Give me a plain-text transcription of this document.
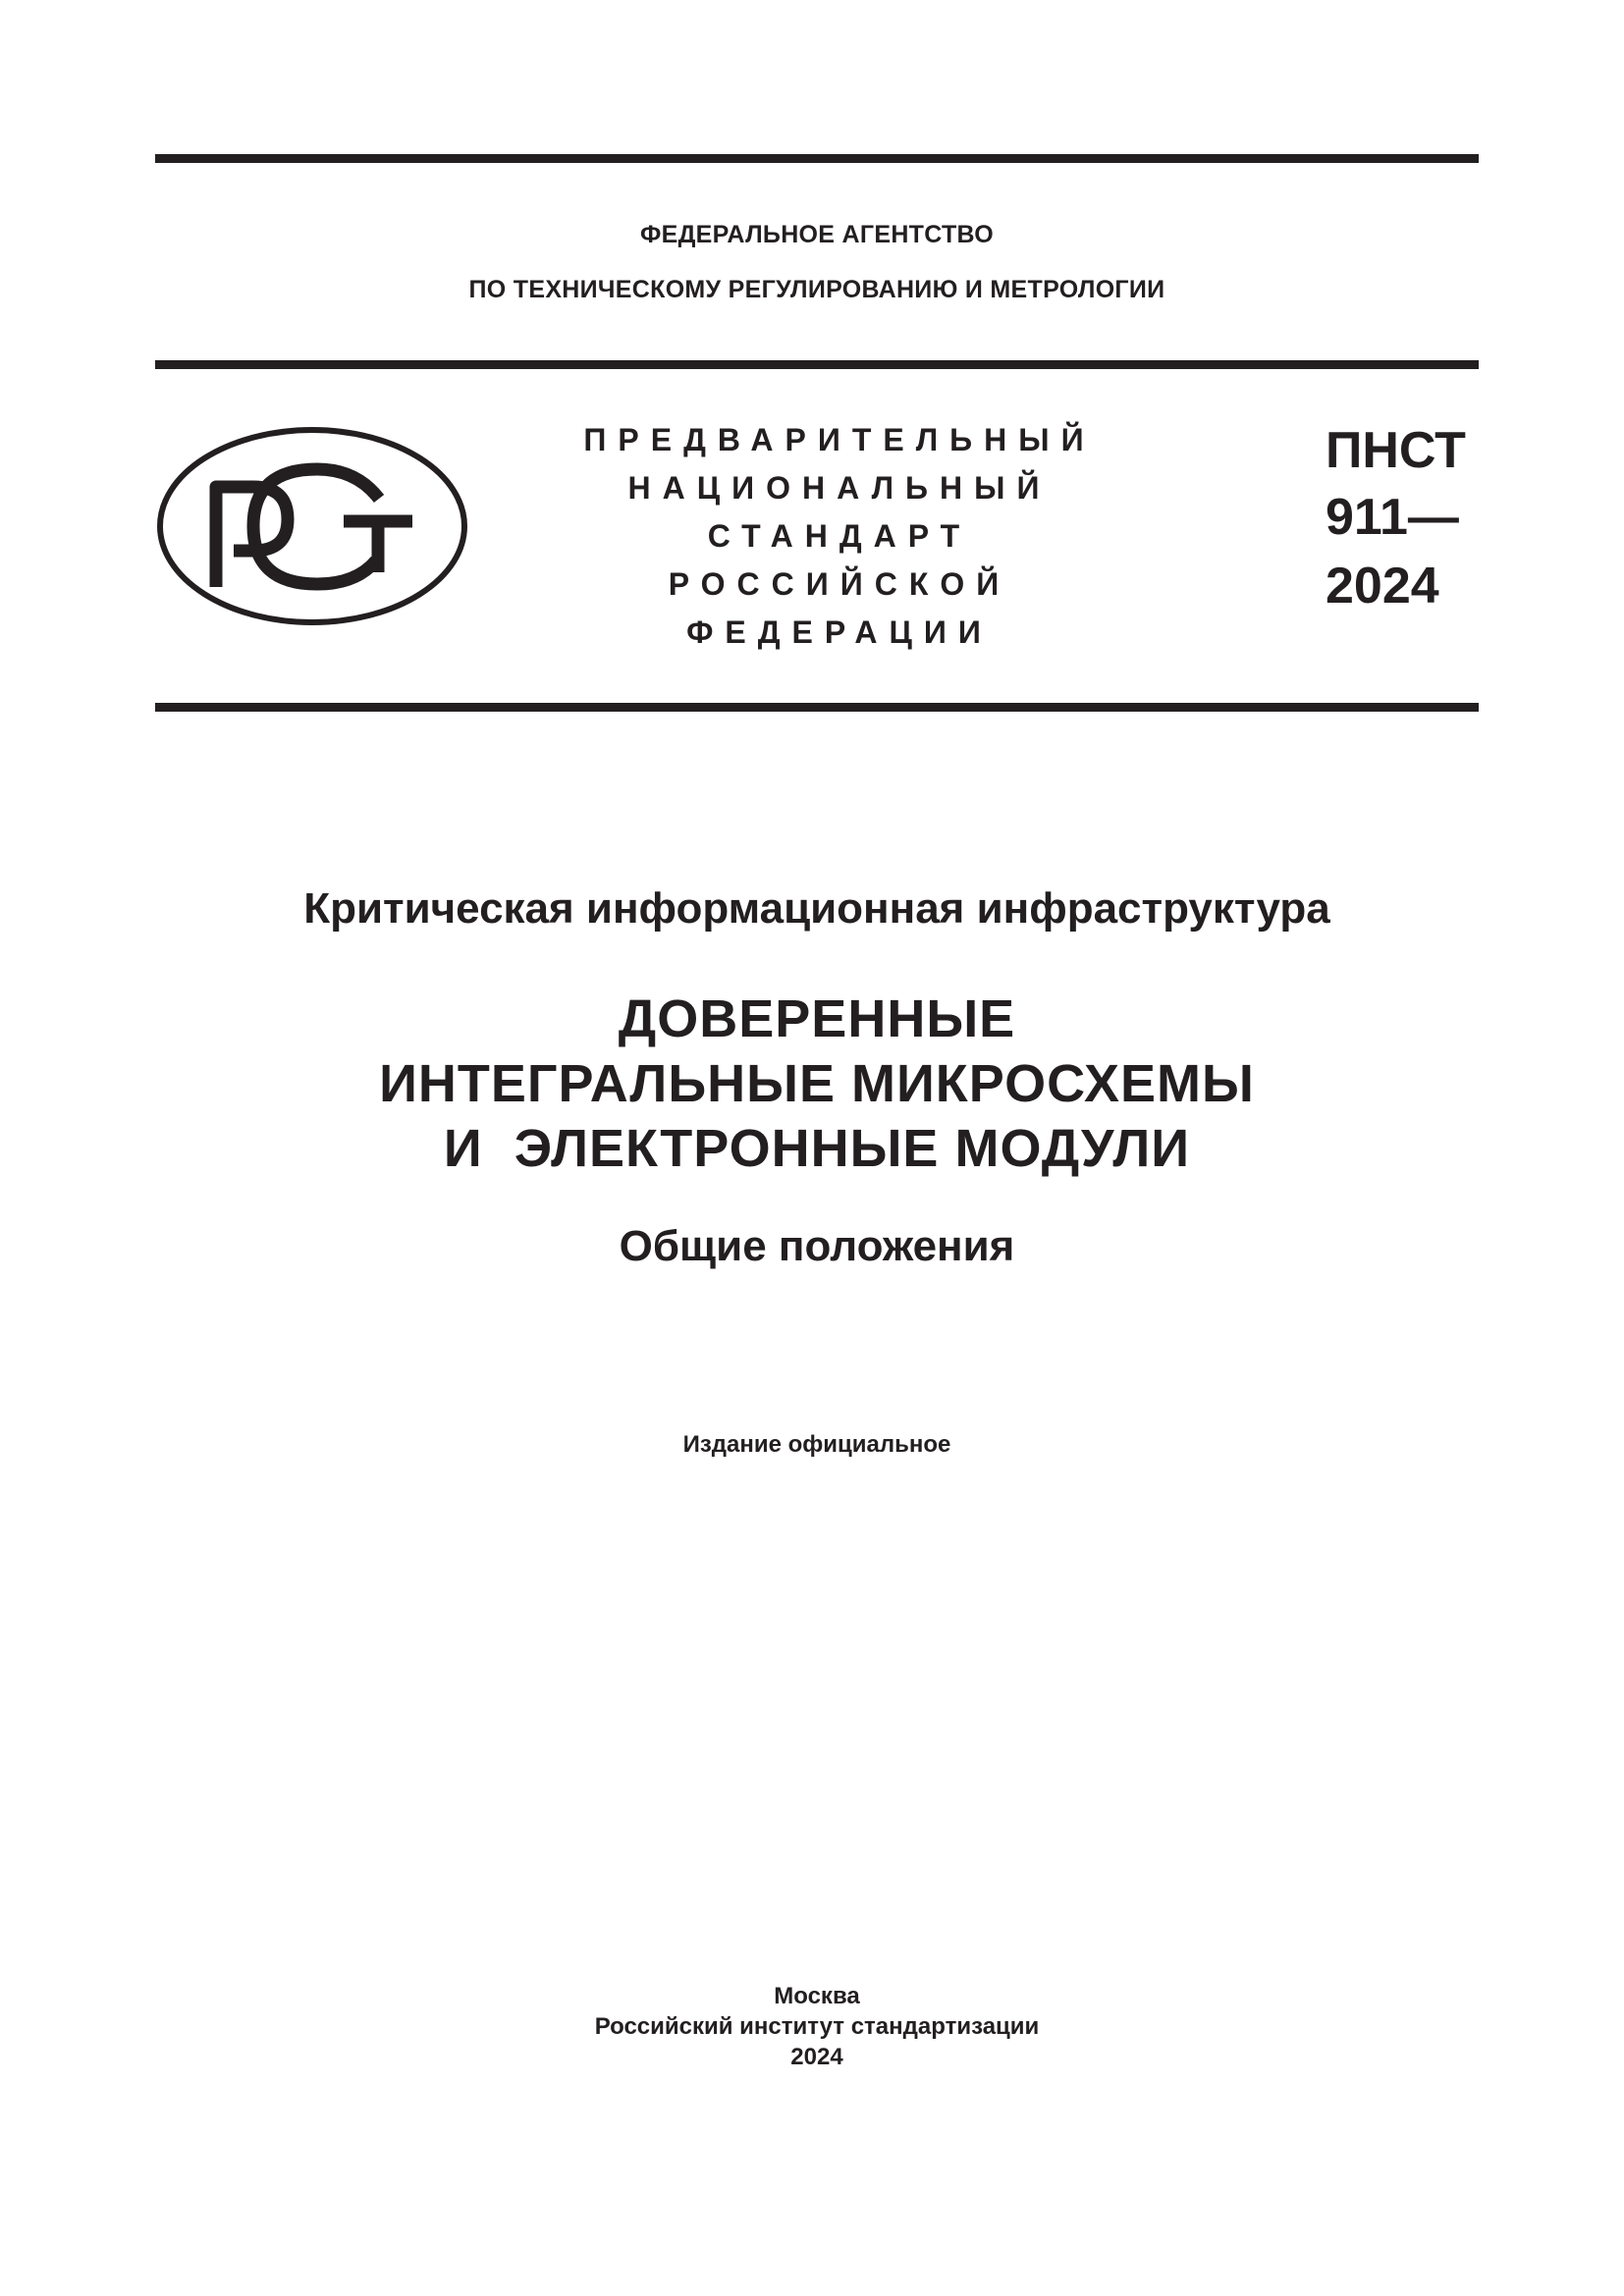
ФЕДЕРАЛЬНОЕ АГЕНТСТВО
ПО ТЕХНИЧЕСКОМУ РЕГУЛИРОВАНИЮ И МЕТРОЛОГИИ
ПРЕДВАРИТЕЛЬНЫЙ
НАЦИОНАЛЬНЫЙ
СТАНДАРТ
РОССИЙСКОЙ
ФЕДЕРАЦИИ
ПНСТ
911—
2024
Критическая информационная инфраструктура
ДОВЕРЕННЫЕ
ИНТЕГРАЛЬНЫЕ МИКРОСХЕМЫ
И  ЭЛЕКТРОННЫЕ МОДУЛИ
Общие положения
Издание официальное
Москва
Российский институт стандартизации
2024
